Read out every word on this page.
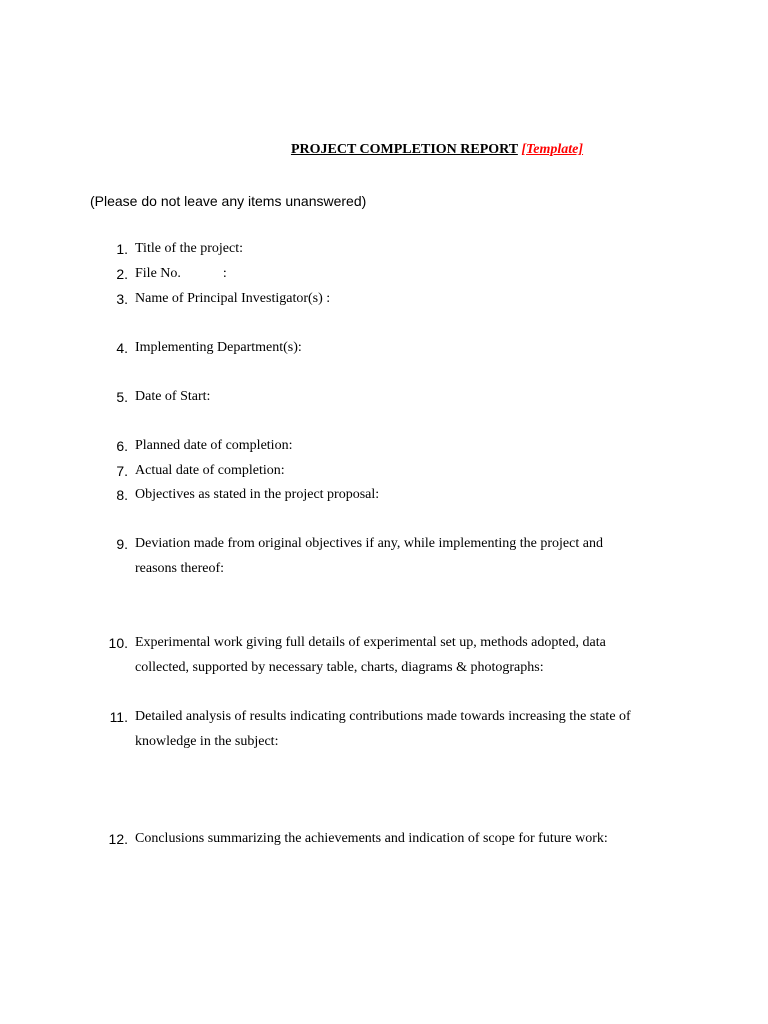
PROJECT COMPLETION REPORT [Template]
(Please do not leave any items unanswered)
1. Title of the project:
2. File No.            :
3. Name of Principal Investigator(s) :
4. Implementing Department(s):
5. Date of Start:
6. Planned date of completion:
7. Actual date of completion:
8. Objectives as stated in the project proposal:
9. Deviation made from original objectives if any, while implementing the project and reasons thereof:
10. Experimental work giving full details of experimental set up, methods adopted, data collected, supported by necessary table, charts, diagrams & photographs:
11. Detailed analysis of results indicating contributions made towards increasing the state of knowledge in the subject:
12. Conclusions summarizing the achievements and indication of scope for future work:
